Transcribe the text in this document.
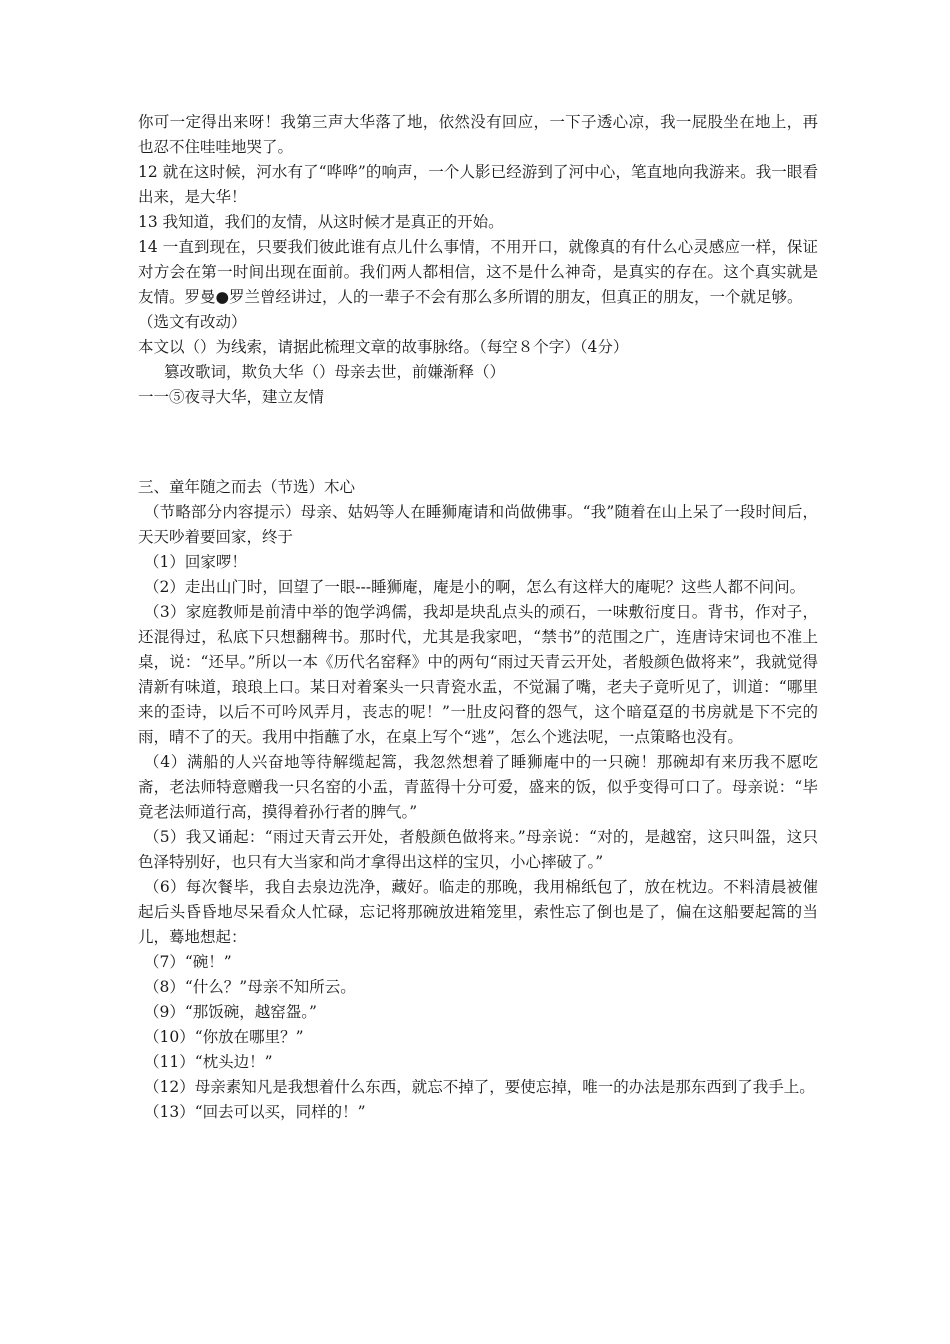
你可一定得出来呀！我第三声大华落了地，依然没有回应，一下子透心凉，我一屁股坐在地上，再也忍不住哇哇地哭了。

12 就在这时候，河水有了“哗哗”的响声，一个人影已经游到了河中心，笔直地向我游来。我一眼看出来，是大华！

13 我知道，我们的友情，从这时候才是真正的开始。

14 一直到现在，只要我们彼此谁有点儿什么事情，不用开口，就像真的有什么心灵感应一样，保证对方会在第一时间出现在面前。我们两人都相信，这不是什么神奇，是真实的存在。这个真实就是友情。罗曼●罗兰曾经讲过，人的一辈子不会有那么多所谓的朋友，但真正的朋友，一个就足够。

（选文有改动）

本文以（）为线索，请据此梳理文章的故事脉络。（每空８个字）（4分）

篡改歌词，欺负大华（）母亲去世，前嫌渐释（）

一一⑤夜寻大华，建立友情

三、童年随之而去（节选）木心

（节略部分内容提示）母亲、姑妈等人在睡狮庵请和尚做佛事。“我”随着在山上呆了一段时间后，天天吵着要回家，终于

（1）回家啰！

（2）走出山门时，回望了一眼---睡狮庵，庵是小的啊，怎么有这样大的庵呢？这些人都不问问。

（3）家庭教师是前清中举的饱学鸿儒，我却是块乱点头的顽石，一味敷衍度日。背书，作对子，还混得过，私底下只想翻稗书。那时代，尤其是我家吧，“禁书”的范围之广，连唐诗宋词也不准上桌，说：“还早。”所以一本《历代名窑释》中的两句“雨过天青云开处，者般颜色做将来”，我就觉得清新有味道，琅琅上口。某日对着案头一只青瓷水盂，不觉漏了嘴，老夫子竟听见了，训道：“哪里来的歪诗，以后不可吟风弄月，丧志的呢！”一肚皮闷瞀的怨气，这个暗趸趸的书房就是下不完的雨，晴不了的天。我用中指蘸了水，在桌上写个“逃”，怎么个逃法呢，一点策略也没有。

（4）满船的人兴奋地等待解缆起篙，我忽然想着了睡狮庵中的一只碗！那碗却有来历我不愿吃斋，老法师特意赠我一只名窑的小盂，青蓝得十分可爱，盛来的饭，似乎变得可口了。母亲说：“毕竟老法师道行高，摸得着孙行者的脾气。”

（5）我又诵起：“雨过天青云开处，者般颜色做将来。”母亲说：“对的，是越窑，这只叫盌，这只色泽特别好，也只有大当家和尚才拿得出这样的宝贝，小心摔破了。”

（6）每次餐毕，我自去泉边洗净，藏好。临走的那晚，我用棉纸包了，放在枕边。不料清晨被催起后头昏昏地尽呆看众人忙碌，忘记将那碗放进箱笼里，索性忘了倒也是了，偏在这船要起篙的当儿，蓦地想起：

（7）“碗！”

（8）“什么？”母亲不知所云。

（9）“那饭碗，越窑盌。”

（10）“你放在哪里？”

（11）“枕头边！”

（12）母亲素知凡是我想着什么东西，就忘不掉了，要使忘掉，唯一的办法是那东西到了我手上。

（13）“回去可以买，同样的！”
